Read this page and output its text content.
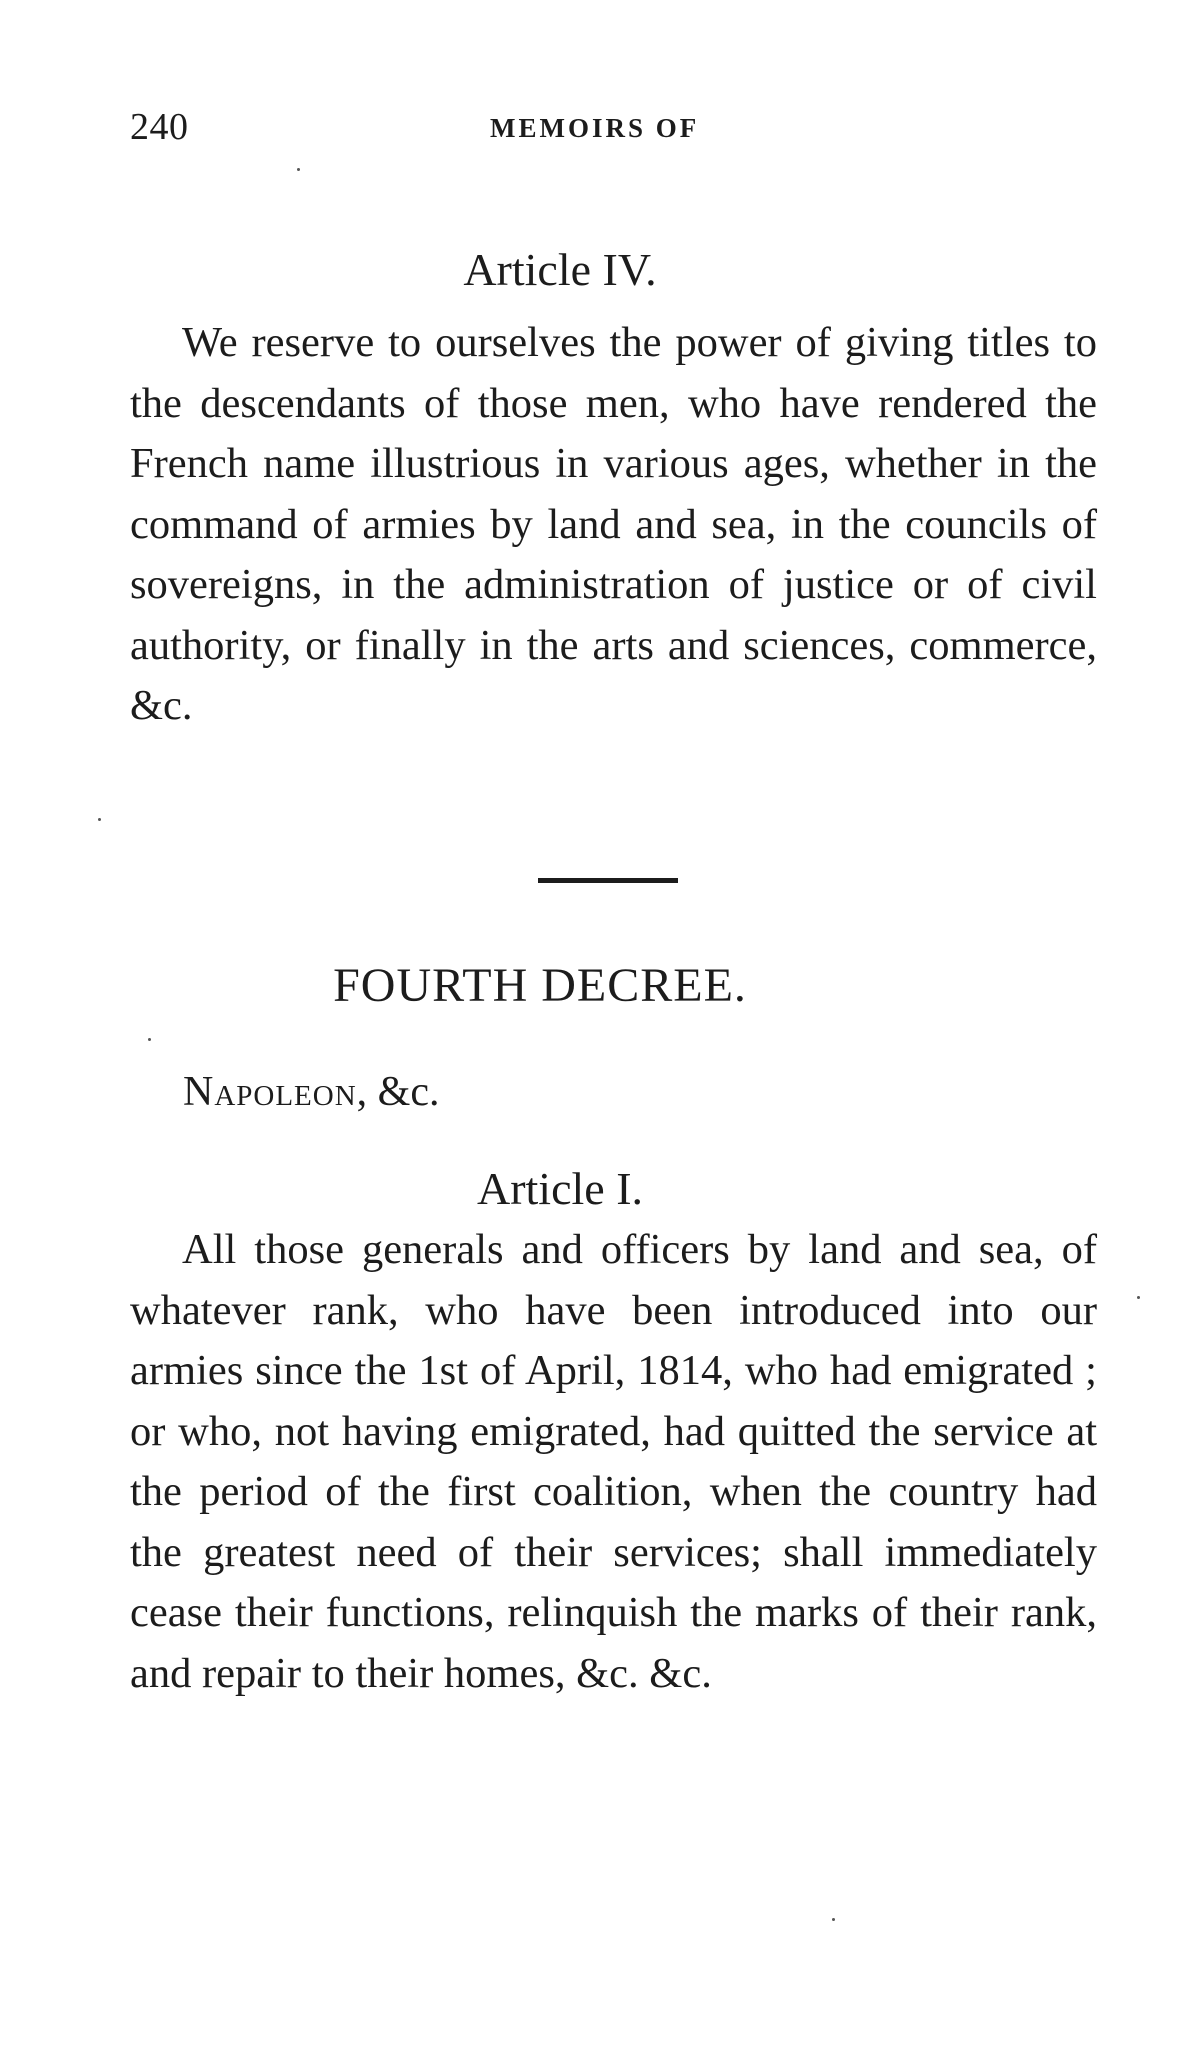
240	MEMOIRS OF
Article IV.

We reserve to ourselves the power of giving titles to the descendants of those men, who have rendered the French name illustrious in various ages, whether in the command of armies by land and sea, in the councils of sovereigns, in the administration of justice or of civil authority, or finally in the arts and sciences, commerce, &c.

FOURTH DECREE.
Napoleon, &c.
Article I.

All those generals and officers by land and sea, of whatever rank, who have been introduced into our armies since the 1st of April, 1814, who had emigrated ; or who, not having emigrated, had quitted the service at the period of the first coalition, when the country had the greatest need of their services; shall immediately cease their functions, relinquish the marks of their rank, and repair to their homes, &c. &c.
